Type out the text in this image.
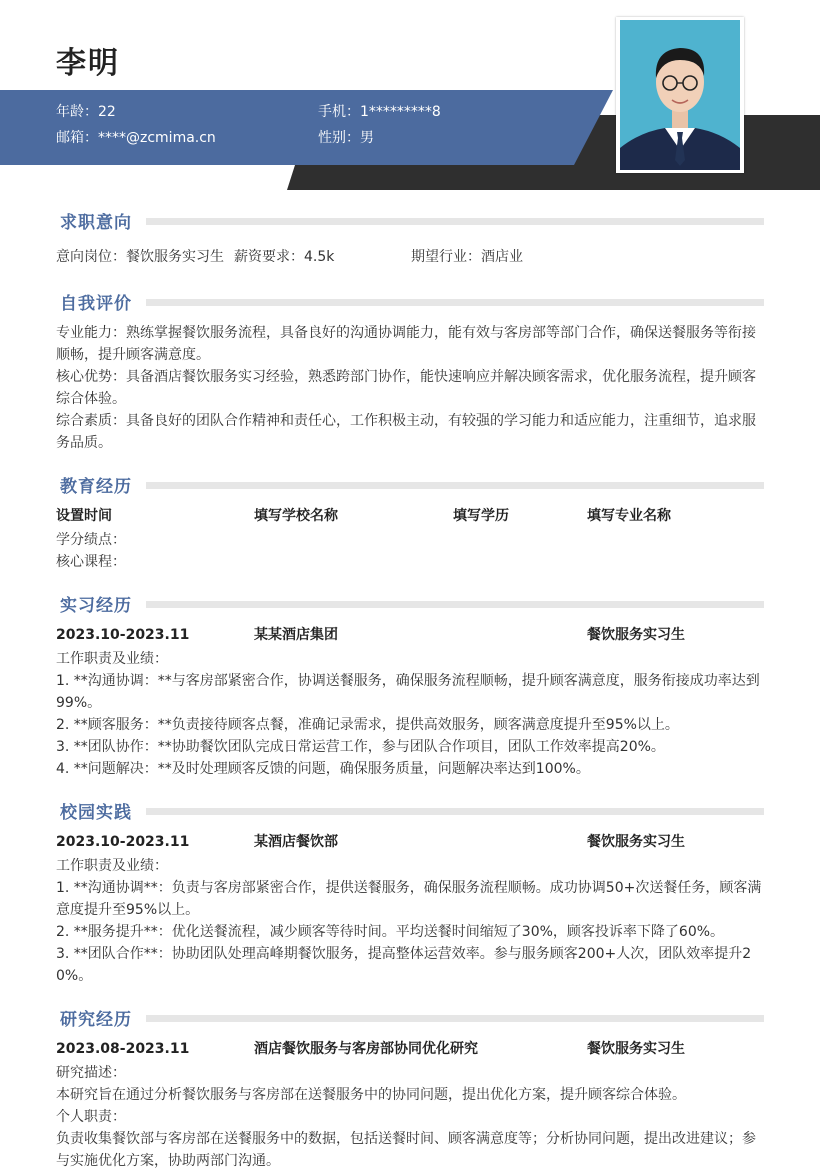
李明
年龄：22	手机：1*********8
邮箱：****@zcmima.cn	性别：男
求职意向
意向岗位：餐饮服务实习生 薪资要求：4.5k	期望行业：酒店业
自我评价
专业能力：熟练掌握餐饮服务流程，具备良好的沟通协调能力，能有效与客房部等部门合作，确保送餐服务等衔接顺畅，提升顾客满意度。
核心优势：具备酒店餐饮服务实习经验，熟悉跨部门协作，能快速响应并解决顾客需求，优化服务流程，提升顾客综合体验。
综合素质：具备良好的团队合作精神和责任心，工作积极主动，有较强的学习能力和适应能力，注重细节，追求服务品质。
教育经历
设置时间	填写学校名称	填写学历	填写专业名称
学分绩点：
核心课程：
实习经历
2023.10-2023.11	某某酒店集团	餐饮服务实习生
工作职责及业绩：
1. **沟通协调：**与客房部紧密合作，协调送餐服务，确保服务流程顺畅，提升顾客满意度，服务衔接成功率达到99%。
2. **顾客服务：**负责接待顾客点餐，准确记录需求，提供高效服务，顾客满意度提升至95%以上。
3. **团队协作：**协助餐饮团队完成日常运营工作，参与团队合作项目，团队工作效率提高20%。
4. **问题解决：**及时处理顾客反馈的问题，确保服务质量，问题解决率达到100%。
校园实践
2023.10-2023.11	某酒店餐饮部	餐饮服务实习生
工作职责及业绩：
1. **沟通协调**：负责与客房部紧密合作，提供送餐服务，确保服务流程顺畅。成功协调50+次送餐任务，顾客满意度提升至95%以上。
2. **服务提升**：优化送餐流程，减少顾客等待时间。平均送餐时间缩短了30%，顾客投诉率下降了60%。
3. **团队合作**：协助团队处理高峰期餐饮服务，提高整体运营效率。参与服务顾客200+人次，团队效率提升20%。
研究经历
2023.08-2023.11	酒店餐饮服务与客房部协同优化研究	餐饮服务实习生
研究描述：
本研究旨在通过分析餐饮服务与客房部在送餐服务中的协同问题，提出优化方案，提升顾客综合体验。
个人职责：
负责收集餐饮部与客房部在送餐服务中的数据，包括送餐时间、顾客满意度等；分析协同问题，提出改进建议；参与实施优化方案，协助两部门沟通。
